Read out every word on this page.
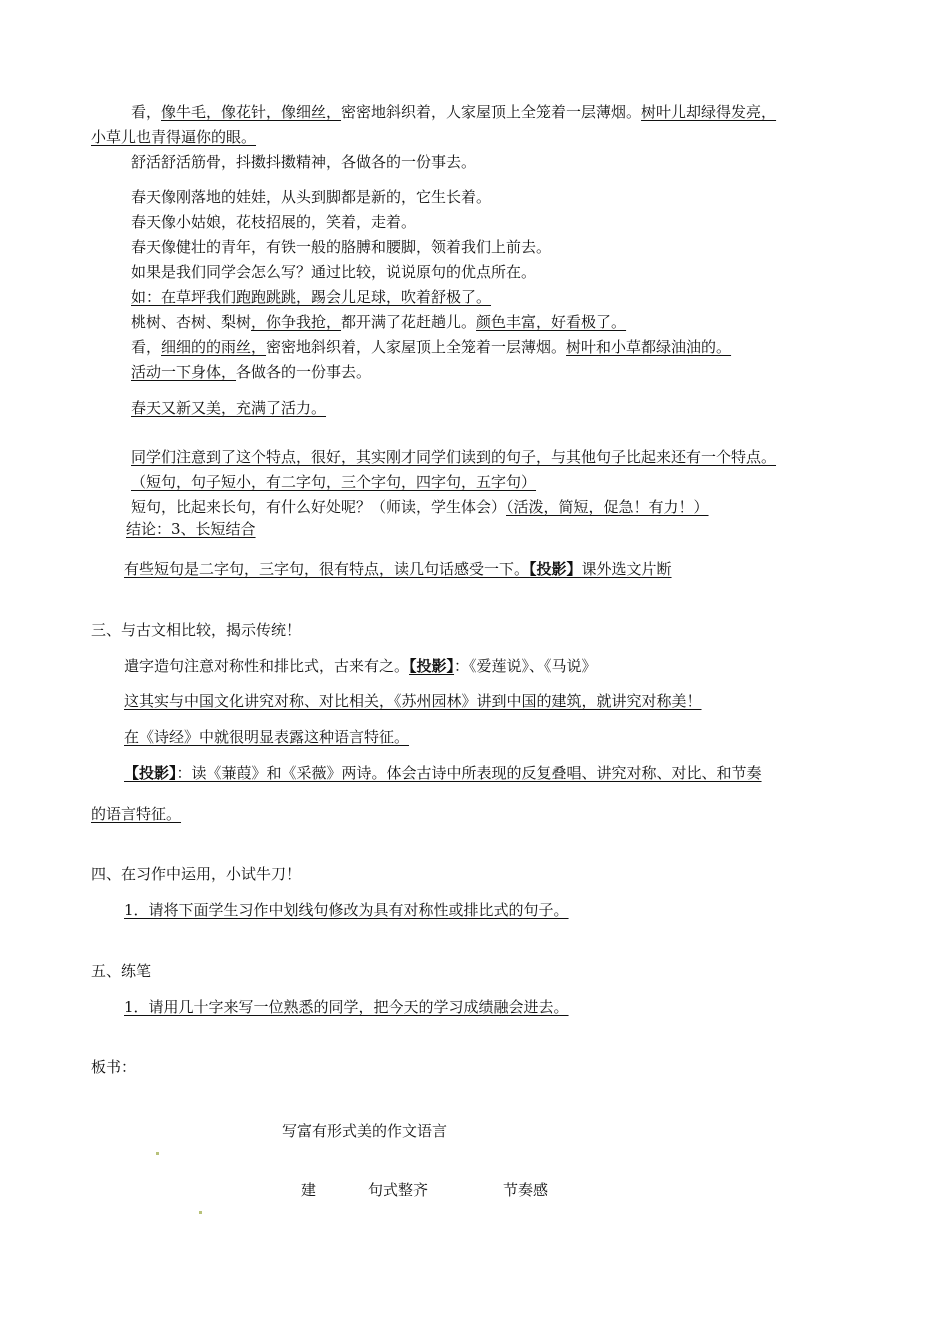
看，像牛毛，像花针，像细丝，密密地斜织着，人家屋顶上全笼着一层薄烟。树叶儿却绿得发亮，
小草儿也青得逼你的眼。
舒活舒活筋骨，抖擞抖擞精神，各做各的一份事去。
春天像刚落地的娃娃，从头到脚都是新的，它生长着。
春天像小姑娘，花枝招展的，笑着，走着。
春天像健壮的青年，有铁一般的胳膊和腰脚，领着我们上前去。
如果是我们同学会怎么写？通过比较，说说原句的优点所在。
如：在草坪我们跑跑跳跳，踢会儿足球，吹着舒极了。
桃树、杏树、梨树，你争我抢，都开满了花赶趟儿。颜色丰富，好看极了。
看，细细的的雨丝，密密地斜织着，人家屋顶上全笼着一层薄烟。树叶和小草都绿油油的。
活动一下身体，各做各的一份事去。
春天又新又美，充满了活力。
同学们注意到了这个特点，很好，其实刚才同学们读到的句子，与其他句子比起来还有一个特点。
（短句，句子短小，有二字句，三个字句，四字句，五字句）
短句，比起来长句，有什么好处呢？（师读，学生体会）（活泼，简短，促急！有力！）
结论：3、长短结合
有些短句是二字句，三字句，很有特点，读几句话感受一下。【投影】课外选文片断
三、与古文相比较，揭示传统！
遣字造句注意对称性和排比式，古来有之。【投影】：《爱莲说》、《马说》
这其实与中国文化讲究对称、对比相关，《苏州园林》讲到中国的建筑，就讲究对称美！
在《诗经》中就很明显表露这种语言特征。
【投影】：读《蒹葭》和《采薇》两诗。体会古诗中所表现的反复叠唱、讲究对称、对比、和节奏
的语言特征。
四、在习作中运用，小试牛刀！
1．请将下面学生习作中划线句修改为具有对称性或排比式的句子。
五、练笔
1．请用几十字来写一位熟悉的同学，把今天的学习成绩融会进去。
板书：
写富有形式美的作文语言
建	句式整齐	节奏感
